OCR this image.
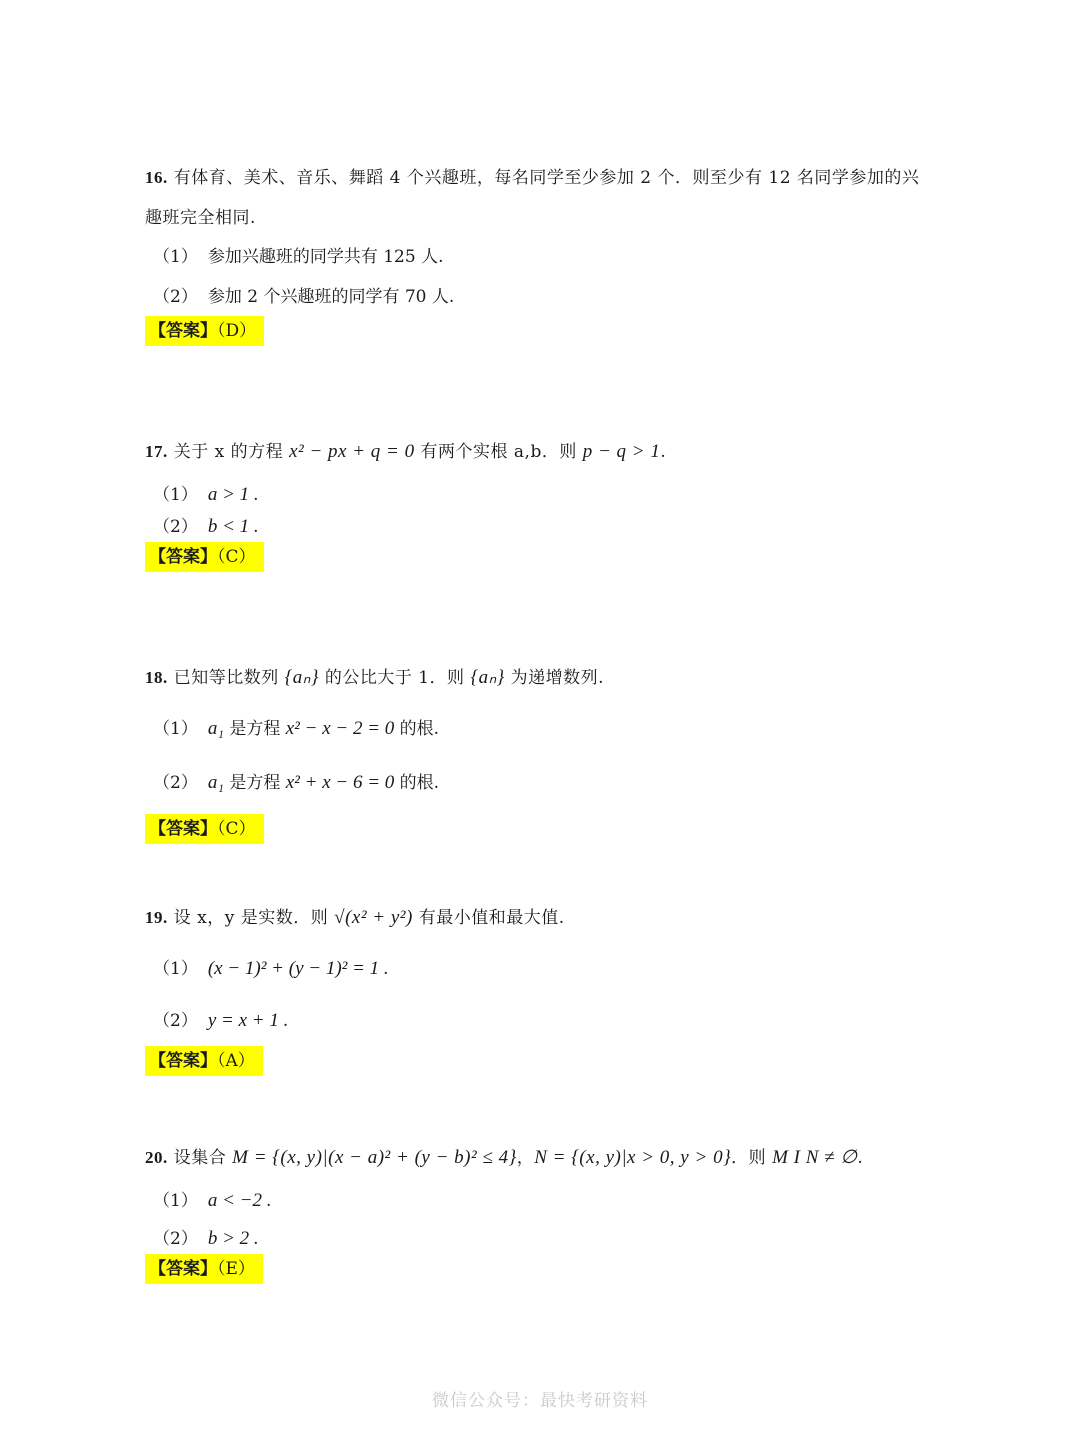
16. 有体育、美术、音乐、舞蹈 4 个兴趣班，每名同学至少参加 2 个．则至少有 12 名同学参加的兴
趣班完全相同.
（1） 参加兴趣班的同学共有 125 人.
（2） 参加 2 个兴趣班的同学有 70 人.
【答案】（D）
17. 关于 x 的方程 x² − px + q = 0 有两个实根 a,b．则 p − q > 1.
（1） a > 1 .
（2） b < 1 .
【答案】（C）
18. 已知等比数列 {aₙ} 的公比大于 1．则 {aₙ} 为递增数列.
（1） a₁ 是方程 x² − x − 2 = 0 的根.
（2） a₁ 是方程 x² + x − 6 = 0 的根.
【答案】（C）
19. 设 x，y 是实数．则 √(x² + y²) 有最小值和最大值.
（1） (x − 1)² + (y − 1)² = 1 .
（2） y = x + 1 .
【答案】（A）
20. 设集合 M = {(x, y)|(x − a)² + (y − b)² ≤ 4}，N = {(x, y)|x > 0, y > 0}．则 M I N ≠ ∅.
（1） a < −2 .
（2） b > 2 .
【答案】（E）
微信公众号：最快考研资料
